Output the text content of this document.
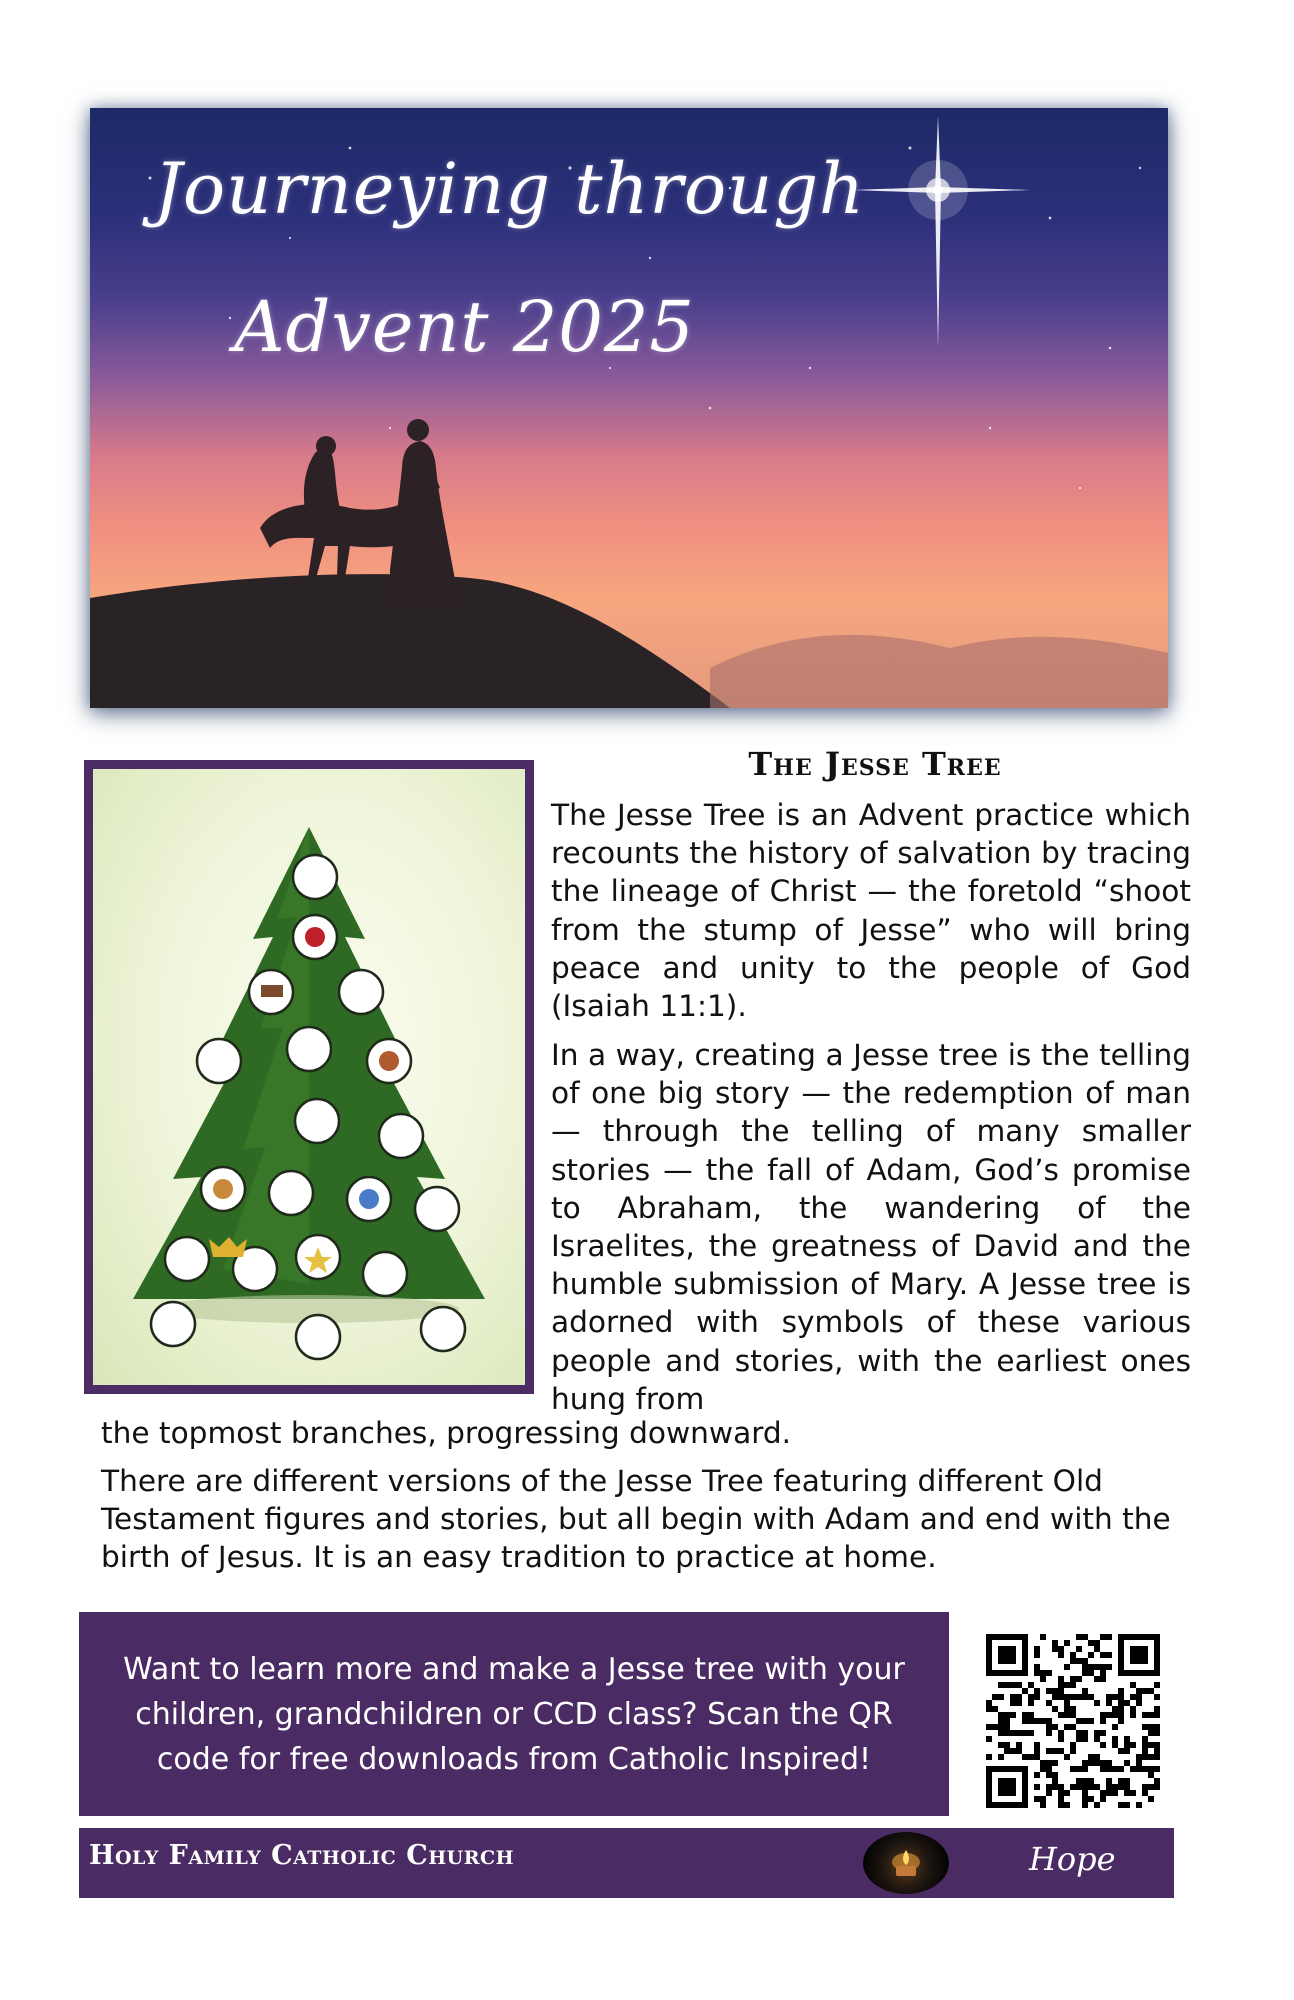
Journeying through
Advent 2025
The Jesse Tree

The Jesse Tree is an Advent practice which recounts the history of salvation by tracing the lineage of Christ — the foretold “shoot from the stump of Jesse” who will bring peace and unity to the people of God (Isaiah 11:1).

In a way, creating a Jesse tree is the telling of one big story — the redemption of man — through the telling of many smaller stories — the fall of Adam, God’s promise to Abraham, the wandering of the Israelites, the greatness of David and the humble submission of Mary. A Jesse tree is adorned with symbols of these various people and stories, with the earliest ones hung from

the topmost branches, progressing downward.

There are different versions of the Jesse Tree featuring different Old Testament figures and stories, but all begin with Adam and end with the birth of Jesus. It is an easy tradition to practice at home.

Want to learn more and make a Jesse tree with your children, grandchildren or CCD class? Scan the QR code for free downloads from Catholic Inspired!
Holy Family Catholic Church	Hope
